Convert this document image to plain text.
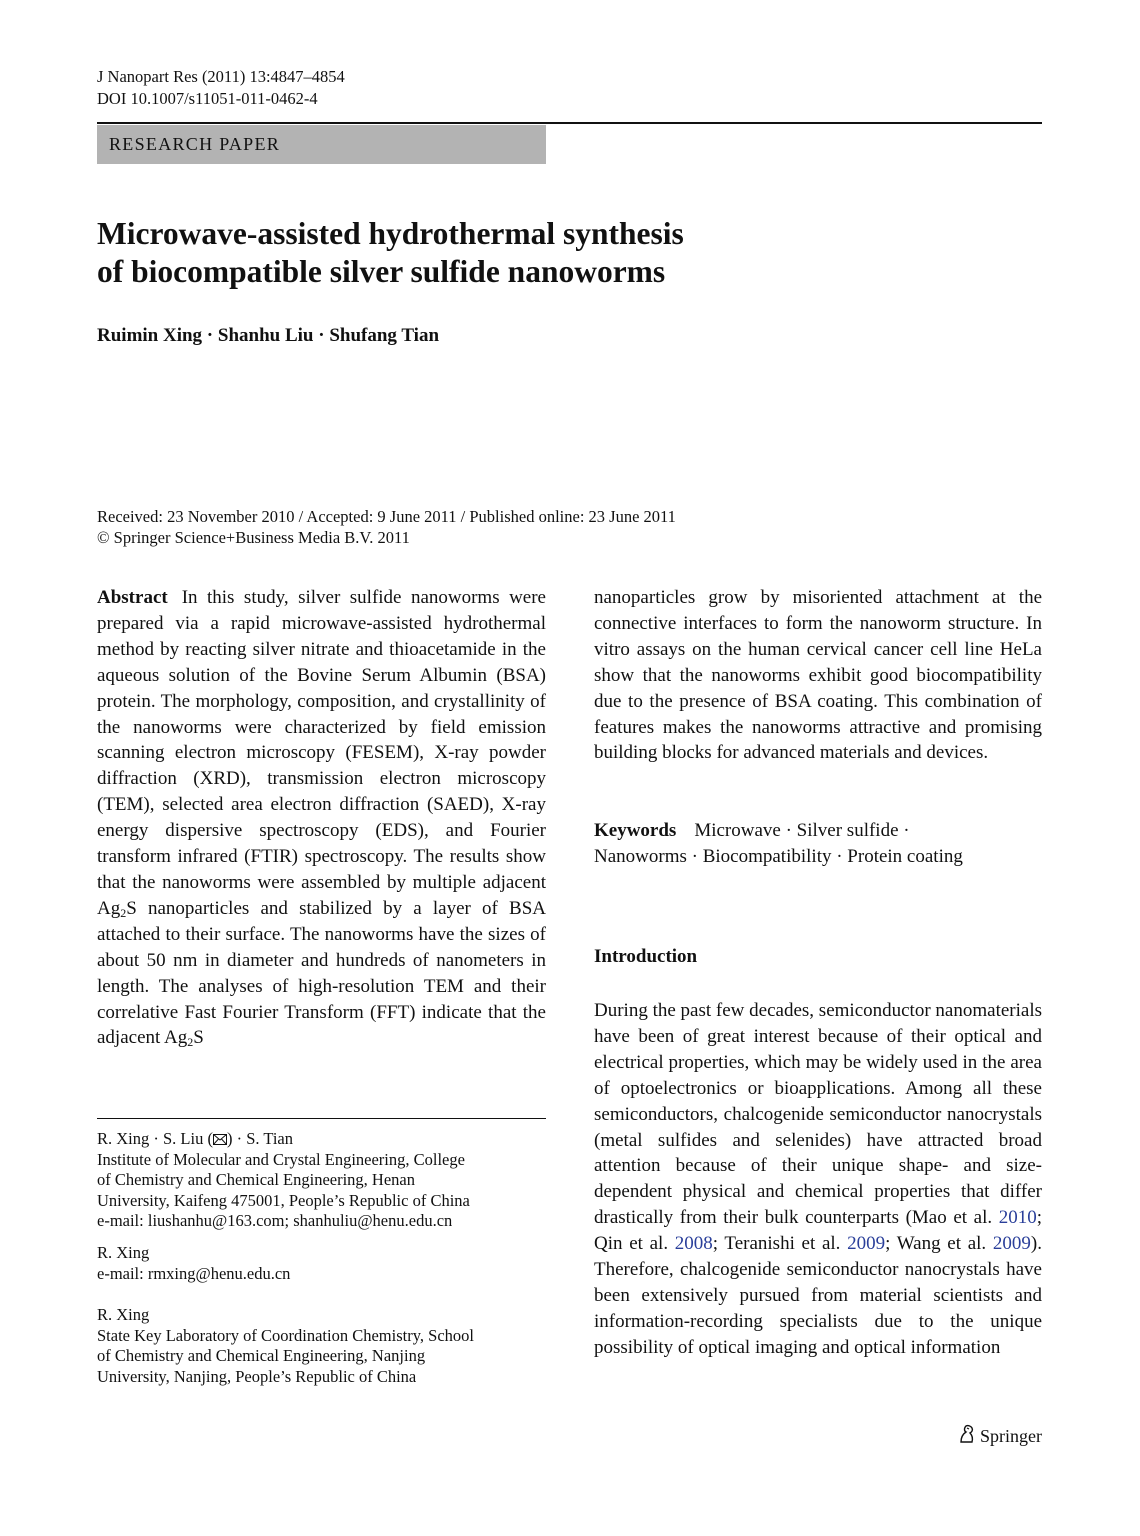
J Nanopart Res (2011) 13:4847–4854
DOI 10.1007/s11051-011-0462-4
RESEARCH PAPER
Microwave-assisted hydrothermal synthesis
of biocompatible silver sulfide nanoworms
Ruimin Xing · Shanhu Liu · Shufang Tian
Received: 23 November 2010 / Accepted: 9 June 2011 / Published online: 23 June 2011
© Springer Science+Business Media B.V. 2011

Abstract In this study, silver sulfide nanoworms were prepared via a rapid microwave-assisted hydrothermal method by reacting silver nitrate and thioacetamide in the aqueous solution of the Bovine Serum Albumin (BSA) protein. The morphology, composition, and crystallinity of the nanoworms were characterized by field emission scanning electron microscopy (FESEM), X-ray powder diffraction (XRD), transmission electron microscopy (TEM), selected area electron diffraction (SAED), X-ray energy dispersive spectroscopy (EDS), and Fourier transform infrared (FTIR) spectroscopy. The results show that the nanoworms were assembled by multiple adjacent $Ag_2S$ nanoparticles and stabilized by a layer of BSA attached to their surface. The nanoworms have the sizes of about 50 nm in diameter and hundreds of nanometers in length. The analyses of high-resolution TEM and their correlative Fast Fourier Transform (FFT) indicate that the adjacent $Ag_2S$

R. Xing · S. Liu ( ) · S. Tian
Institute of Molecular and Crystal Engineering, College
of Chemistry and Chemical Engineering, Henan
University, Kaifeng 475001, People’s Republic of China
e-mail: liushanhu@163.com; shanhuliu@henu.edu.cn
R. Xing
e-mail: rmxing@henu.edu.cn
R. Xing
State Key Laboratory of Coordination Chemistry, School
of Chemistry and Chemical Engineering, Nanjing
University, Nanjing, People’s Republic of China

nanoparticles grow by misoriented attachment at the connective interfaces to form the nanoworm structure. In vitro assays on the human cervical cancer cell line HeLa show that the nanoworms exhibit good biocompatibility due to the presence of BSA coating. This combination of features makes the nanoworms attractive and promising building blocks for advanced materials and devices.

Keywords Microwave · Silver sulfide ·
Nanoworms · Biocompatibility · Protein coating
Introduction

During the past few decades, semiconductor nanomaterials have been of great interest because of their optical and electrical properties, which may be widely used in the area of optoelectronics or bioapplications. Among all these semiconductors, chalcogenide semiconductor nanocrystals (metal sulfides and selenides) have attracted broad attention because of their unique shape- and size-dependent physical and chemical properties that differ drastically from their bulk counterparts (Mao et al. 2010; Qin et al. 2008; Teranishi et al. 2009; Wang et al. 2009). Therefore, chalcogenide semiconductor nanocrystals have been extensively pursued from material scientists and information-recording specialists due to the unique possibility of optical imaging and optical information

Springer
